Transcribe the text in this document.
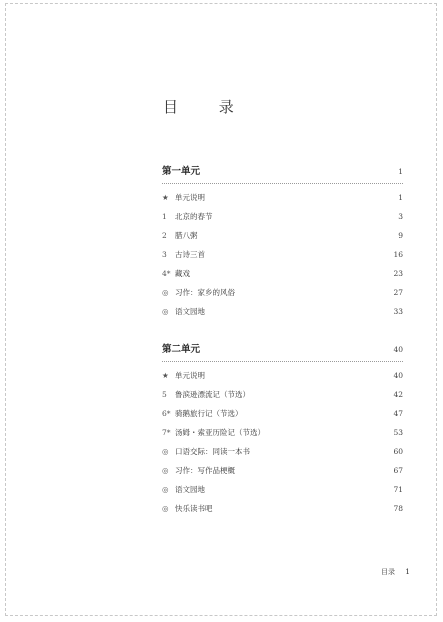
目 录
第一单元	1
★ 单元说明	1
1	北京的春节	3
2	腊八粥	9
3	古诗三首	16
4* 藏戏	23
◎ 习作：家乡的风俗	27
◎ 语文园地	33
第二单元	40
★ 单元说明	40
5	鲁滨逊漂流记（节选）	42
6* 骑鹅旅行记（节选）	47
7* 汤姆・索亚历险记（节选）	53
◎ 口语交际：同读一本书	60
◎ 习作：写作品梗概	67
◎ 语文园地	71
◎ 快乐读书吧	78
目录 1
